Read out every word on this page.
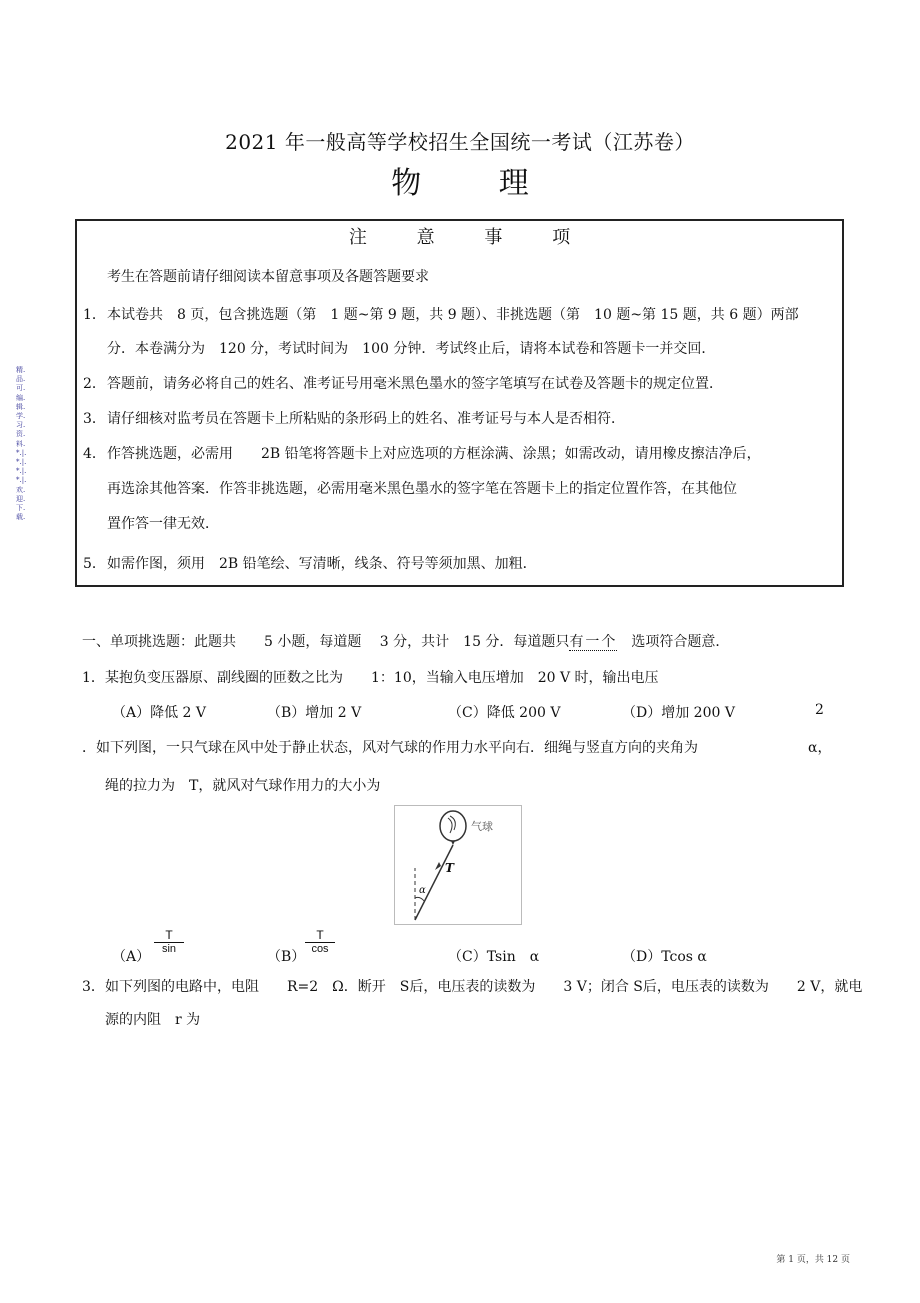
2021 年一般高等学校招生全国统一考试（江苏卷）
物 理
精.品.可.编.辑.学.习.资.料.*.|.*.|.*.|.*.|.欢.迎.下.载.
注 意 事 项
考生在答题前请仔细阅读本留意事项及各题答题要求
1． 本试卷共　8 页，包含挑选题（第　1 题~第 9 题，共 9 题）、非挑选题（第　10 题~第 15 题，共 6 题）两部
分．本卷满分为　120 分，考试时间为　100 分钟．考试终止后，请将本试卷和答题卡一并交回．
2． 答题前，请务必将自己的姓名、准考证号用毫米黑色墨水的签字笔填写在试卷及答题卡的规定位置．
3． 请仔细核对监考员在答题卡上所粘贴的条形码上的姓名、准考证号与本人是否相符．
4． 作答挑选题，必需用　　2B 铅笔将答题卡上对应选项的方框涂满、涂黑；如需改动，请用橡皮擦洁净后，
再选涂其他答案．作答非挑选题，必需用毫米黑色墨水的签字笔在答题卡上的指定位置作答，在其他位
置作答一律无效．
5． 如需作图，须用　2B 铅笔绘、写清晰，线条、符号等须加黑、加粗．
一、单项挑选题：此题共　　5 小题，每道题　 3 分，共计　15 分．每道题只有一个　选项符合题意．
1． 某抱负变压器原、副线圈的匝数之比为　　1：10，当输入电压增加　20 V 时，输出电压
（A）降低 2 V	（B）增加 2 V	（C）降低 200 V	（D）增加 200 V	2
．如下列图，一只气球在风中处于静止状态，风对气球的作用力水平向右．细绳与竖直方向的夹角为	α，
绳的拉力为　T，就风对气球作用力的大小为
气球
T
α
（A）
$\frac{T}{\sin}$
（B）
$\frac{T}{\cos}$
（C）Tsin　α	（D）Tcos α
3． 如下列图的电路中，电阻　　R=2　Ω．断开　S后，电压表的读数为　　3 V；闭合 S后，电压表的读数为　　2 V，就电
源的内阻　r 为
第 1 页，共 12 页
